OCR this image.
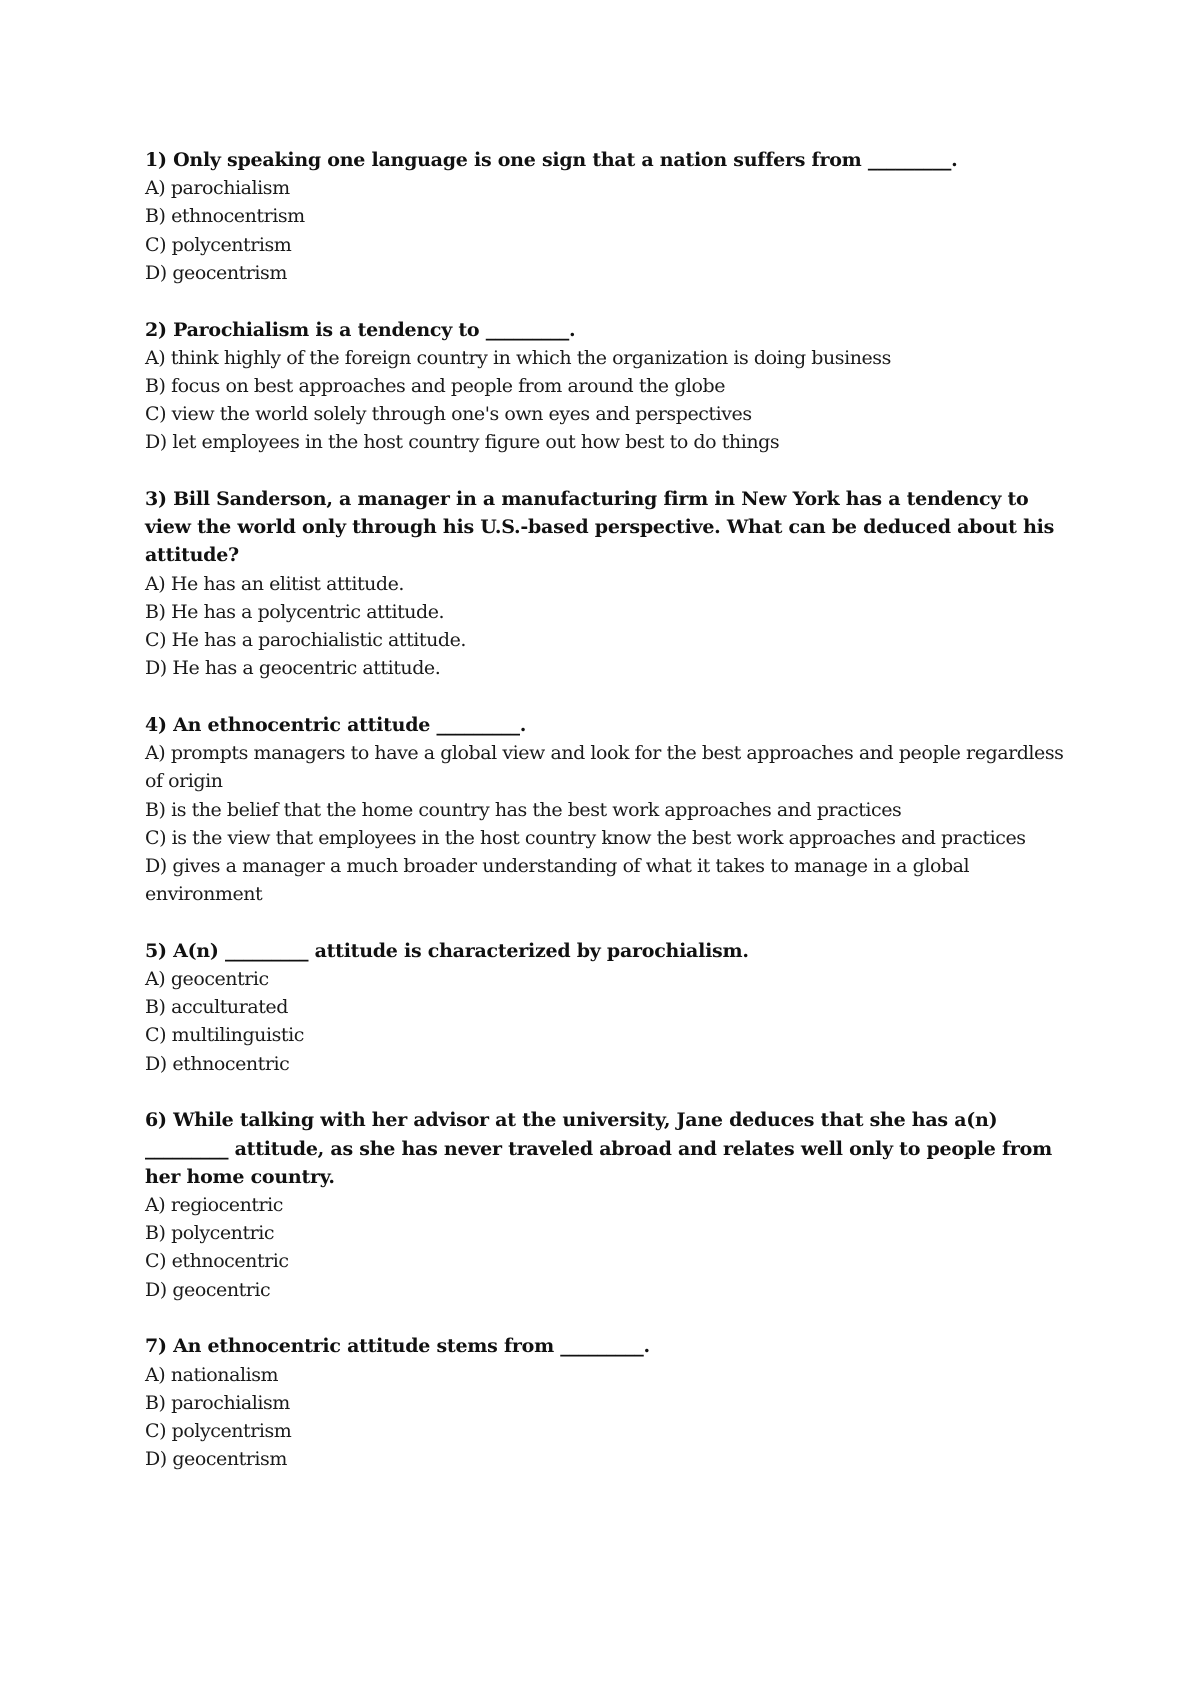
1) Only speaking one language is one sign that a nation suffers from _________.

A) parochialism

B) ethnocentrism

C) polycentrism

D) geocentrism

2) Parochialism is a tendency to _________.

A) think highly of the foreign country in which the organization is doing business

B) focus on best approaches and people from around the globe

C) view the world solely through one's own eyes and perspectives

D) let employees in the host country figure out how best to do things

3) Bill Sanderson, a manager in a manufacturing firm in New York has a tendency to view the world only through his U.S.-based perspective. What can be deduced about his attitude?

A) He has an elitist attitude.

B) He has a polycentric attitude.

C) He has a parochialistic attitude.

D) He has a geocentric attitude.

4) An ethnocentric attitude _________.

A) prompts managers to have a global view and look for the best approaches and people regardless of origin

B) is the belief that the home country has the best work approaches and practices

C) is the view that employees in the host country know the best work approaches and practices

D) gives a manager a much broader understanding of what it takes to manage in a global environment

5) A(n) _________ attitude is characterized by parochialism.

A) geocentric

B) acculturated

C) multilinguistic

D) ethnocentric

6) While talking with her advisor at the university, Jane deduces that she has a(n) _________ attitude, as she has never traveled abroad and relates well only to people from her home country.

A) regiocentric

B) polycentric

C) ethnocentric

D) geocentric

7) An ethnocentric attitude stems from _________.

A) nationalism

B) parochialism

C) polycentrism

D) geocentrism
